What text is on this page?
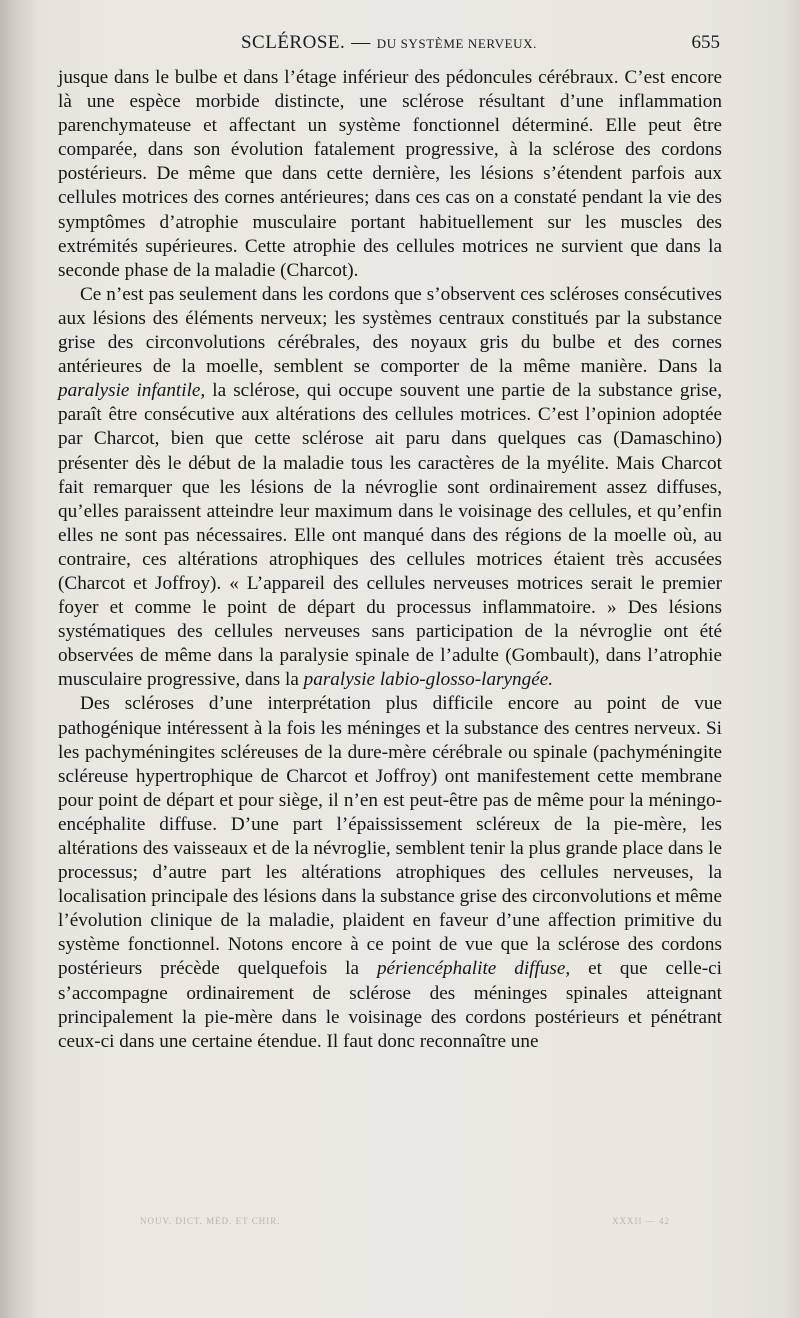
SCLÉROSE. — DU SYSTÈME NERVEUX.	655

jusque dans le bulbe et dans l’étage inférieur des pédoncules cérébraux. C’est encore là une espèce morbide distincte, une sclérose résultant d’une inflammation parenchymateuse et affectant un système fonctionnel déterminé. Elle peut être comparée, dans son évolution fatalement progressive, à la sclérose des cordons postérieurs. De même que dans cette dernière, les lésions s’étendent parfois aux cellules motrices des cornes antérieures; dans ces cas on a constaté pendant la vie des symptômes d’atrophie musculaire portant habituellement sur les muscles des extrémités supérieures. Cette atrophie des cellules motrices ne survient que dans la seconde phase de la maladie (Charcot).

Ce n’est pas seulement dans les cordons que s’observent ces scléroses consécutives aux lésions des éléments nerveux; les systèmes centraux constitués par la substance grise des circonvolutions cérébrales, des noyaux gris du bulbe et des cornes antérieures de la moelle, semblent se comporter de la même manière. Dans la paralysie infantile, la sclérose, qui occupe souvent une partie de la substance grise, paraît être consécutive aux altérations des cellules motrices. C’est l’opinion adoptée par Charcot, bien que cette sclérose ait paru dans quelques cas (Damaschino) présenter dès le début de la maladie tous les caractères de la myélite. Mais Charcot fait remarquer que les lésions de la névroglie sont ordinairement assez diffuses, qu’elles paraissent atteindre leur maximum dans le voisinage des cellules, et qu’enfin elles ne sont pas nécessaires. Elle ont manqué dans des régions de la moelle où, au contraire, ces altérations atrophiques des cellules motrices étaient très accusées (Charcot et Joffroy). « L’appareil des cellules nerveuses motrices serait le premier foyer et comme le point de départ du processus inflammatoire. » Des lésions systématiques des cellules nerveuses sans participation de la névroglie ont été observées de même dans la paralysie spinale de l’adulte (Gombault), dans l’atrophie musculaire progressive, dans la paralysie labio-glosso-laryngée.

Des scléroses d’une interprétation plus difficile encore au point de vue pathogénique intéressent à la fois les méninges et la substance des centres nerveux. Si les pachyméningites scléreuses de la dure-mère cérébrale ou spinale (pachyméningite scléreuse hypertrophique de Charcot et Joffroy) ont manifestement cette membrane pour point de départ et pour siège, il n’en est peut-être pas de même pour la méningo-encéphalite diffuse. D’une part l’épaississement scléreux de la pie-mère, les altérations des vaisseaux et de la névroglie, semblent tenir la plus grande place dans le processus; d’autre part les altérations atrophiques des cellules nerveuses, la localisation principale des lésions dans la substance grise des circonvolutions et même l’évolution clinique de la maladie, plaident en faveur d’une affection primitive du système fonctionnel. Notons encore à ce point de vue que la sclérose des cordons postérieurs précède quelquefois la périencéphalite diffuse, et que celle-ci s’accompagne ordinairement de sclérose des méninges spinales atteignant principalement la pie-mère dans le voisinage des cordons postérieurs et pénétrant ceux-ci dans une certaine étendue. Il faut donc reconnaître une

NOUV. DICT. MÉD. ET CHIR.	XXXII — 42
